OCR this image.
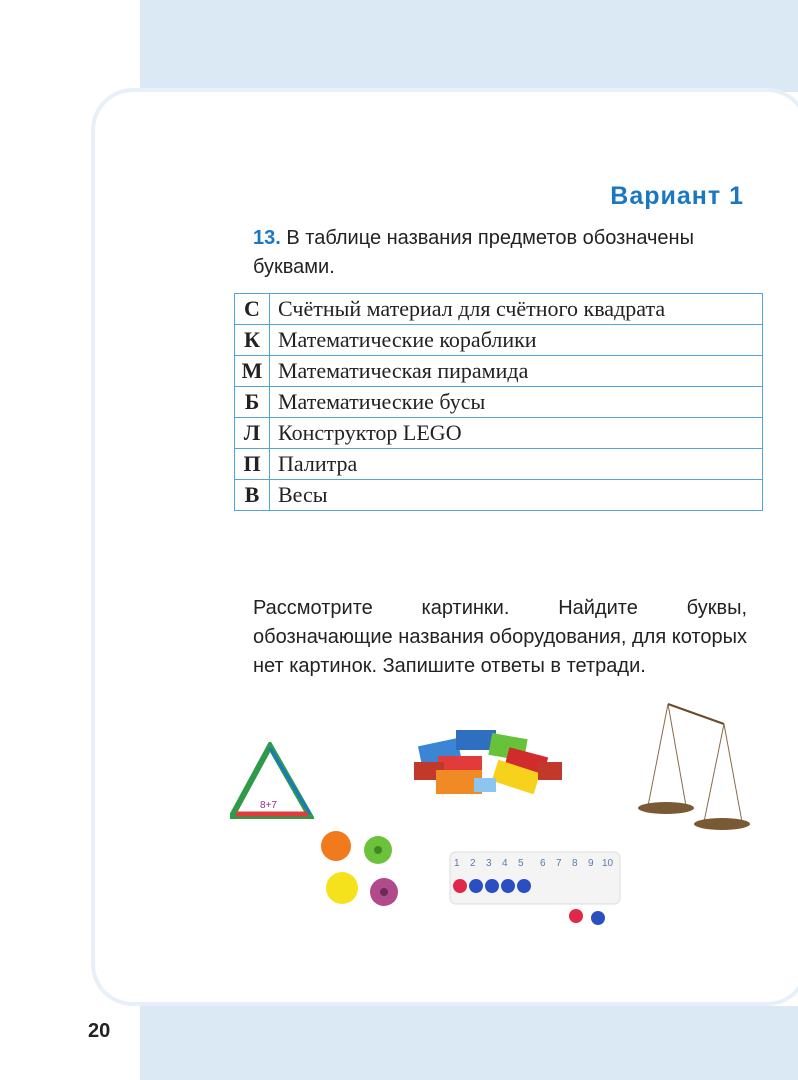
Вариант 1
13. В таблице названия предметов обозначены буквами.
С	Счётный материал для счётного квадрата
К	Математические кораблики
М	Математическая пирамида
Б	Математические бусы
Л	Конструктор LEGO
П	Палитра
В	Весы
Рассмотрите картинки. Найдите буквы, обозначающие названия оборудования, для которых нет картинок. Запишите ответы в тетради.
8+7
1 2 3 4 5 6 7 8 9 10
20
